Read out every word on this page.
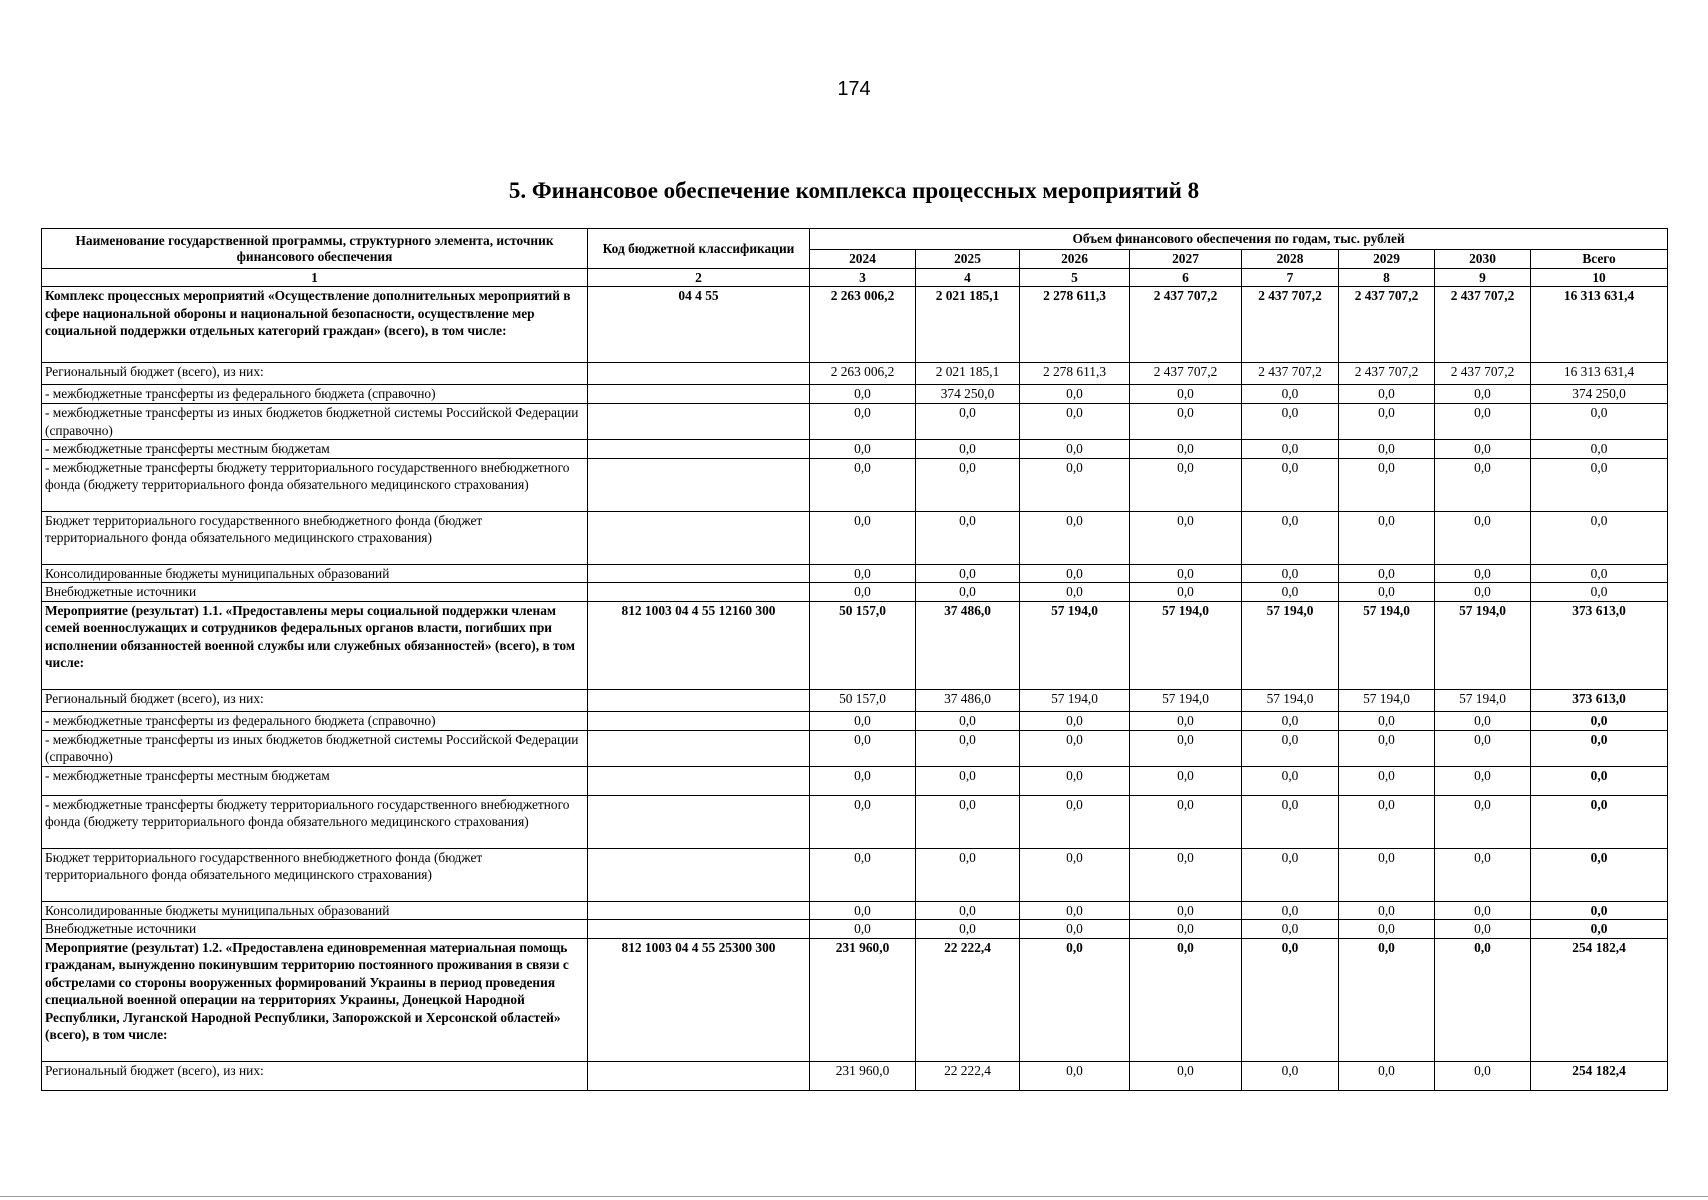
174
5. Финансовое обеспечение комплекса процессных мероприятий 8
Наименование государственной программы, структурного элемента, источник финансового обеспечения	Код бюджетной классификации	Объем финансового обеспечения по годам, тыс. рублей							
		2024	2025	2026	2027	2028	2029	2030	Всего
1	2	3	4	5	6	7	8	9	10
Комплекс процессных мероприятий «Осуществление дополнительных мероприятий в сфере национальной обороны и национальной безопасности, осуществление мер социальной поддержки отдельных категорий граждан» (всего), в том числе:	04 4 55	2 263 006,2	2 021 185,1	2 278 611,3	2 437 707,2	2 437 707,2	2 437 707,2	2 437 707,2	16 313 631,4
Региональный бюджет (всего), из них:		2 263 006,2	2 021 185,1	2 278 611,3	2 437 707,2	2 437 707,2	2 437 707,2	2 437 707,2	16 313 631,4
- межбюджетные трансферты из федерального бюджета (справочно)		0,0	374 250,0	0,0	0,0	0,0	0,0	0,0	374 250,0
- межбюджетные трансферты из иных бюджетов бюджетной системы Российской Федерации (справочно)		0,0	0,0	0,0	0,0	0,0	0,0	0,0	0,0
- межбюджетные трансферты местным бюджетам		0,0	0,0	0,0	0,0	0,0	0,0	0,0	0,0
- межбюджетные трансферты бюджету территориального государственного внебюджетного фонда (бюджету территориального фонда обязательного медицинского страхования)		0,0	0,0	0,0	0,0	0,0	0,0	0,0	0,0
Бюджет территориального государственного внебюджетного фонда (бюджет территориального фонда обязательного медицинского страхования)		0,0	0,0	0,0	0,0	0,0	0,0	0,0	0,0
Консолидированные бюджеты муниципальных образований		0,0	0,0	0,0	0,0	0,0	0,0	0,0	0,0
Внебюджетные источники		0,0	0,0	0,0	0,0	0,0	0,0	0,0	0,0
Мероприятие (результат) 1.1. «Предоставлены меры социальной поддержки членам семей военнослужащих и сотрудников федеральных органов власти, погибших при исполнении обязанностей военной службы или служебных обязанностей» (всего), в том числе:	812 1003 04 4 55 12160 300	50 157,0	37 486,0	57 194,0	57 194,0	57 194,0	57 194,0	57 194,0	373 613,0
Региональный бюджет (всего), из них:		50 157,0	37 486,0	57 194,0	57 194,0	57 194,0	57 194,0	57 194,0	373 613,0
- межбюджетные трансферты из федерального бюджета (справочно)		0,0	0,0	0,0	0,0	0,0	0,0	0,0	0,0
- межбюджетные трансферты из иных бюджетов бюджетной системы Российской Федерации (справочно)		0,0	0,0	0,0	0,0	0,0	0,0	0,0	0,0
- межбюджетные трансферты местным бюджетам		0,0	0,0	0,0	0,0	0,0	0,0	0,0	0,0
- межбюджетные трансферты бюджету территориального государственного внебюджетного фонда (бюджету территориального фонда обязательного медицинского страхования)		0,0	0,0	0,0	0,0	0,0	0,0	0,0	0,0
Бюджет территориального государственного внебюджетного фонда (бюджет территориального фонда обязательного медицинского страхования)		0,0	0,0	0,0	0,0	0,0	0,0	0,0	0,0
Консолидированные бюджеты муниципальных образований		0,0	0,0	0,0	0,0	0,0	0,0	0,0	0,0
Внебюджетные источники		0,0	0,0	0,0	0,0	0,0	0,0	0,0	0,0
Мероприятие (результат) 1.2. «Предоставлена единовременная материальная помощь гражданам, вынужденно покинувшим территорию постоянного проживания в связи с обстрелами со стороны вооруженных формирований Украины в период проведения специальной военной операции на территориях Украины, Донецкой Народной Республики, Луганской Народной Республики, Запорожской и Херсонской областей» (всего), в том числе:	812 1003 04 4 55 25300 300	231 960,0	22 222,4	0,0	0,0	0,0	0,0	0,0	254 182,4
Региональный бюджет (всего), из них:		231 960,0	22 222,4	0,0	0,0	0,0	0,0	0,0	254 182,4
